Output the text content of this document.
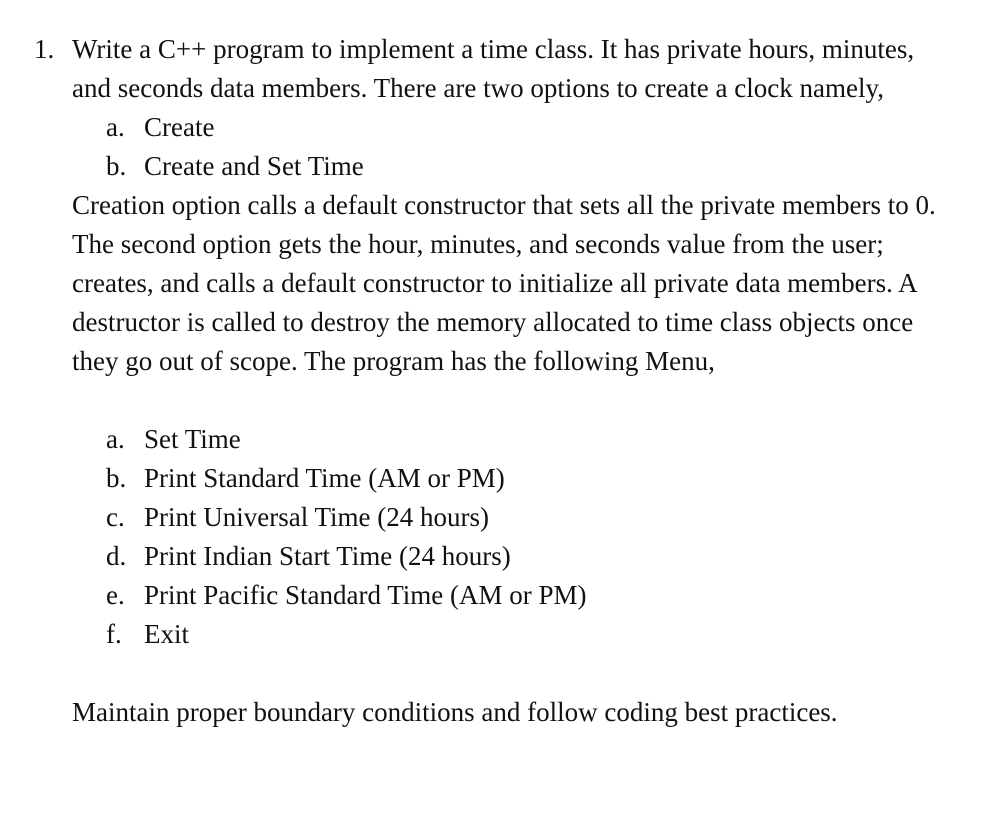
1. Write a C++ program to implement a time class. It has private hours, minutes, and seconds data members. There are two options to create a clock namely,

a. Create
b. Create and Set Time

Creation option calls a default constructor that sets all the private members to 0. The second option gets the hour, minutes, and seconds value from the user; creates, and calls a default constructor to initialize all private data members. A destructor is called to destroy the memory allocated to time class objects once they go out of scope. The program has the following Menu,

a. Set Time
b. Print Standard Time (AM or PM)
c. Print Universal Time (24 hours)
d. Print Indian Start Time (24 hours)
e. Print Pacific Standard Time (AM or PM)
f. Exit

Maintain proper boundary conditions and follow coding best practices.
